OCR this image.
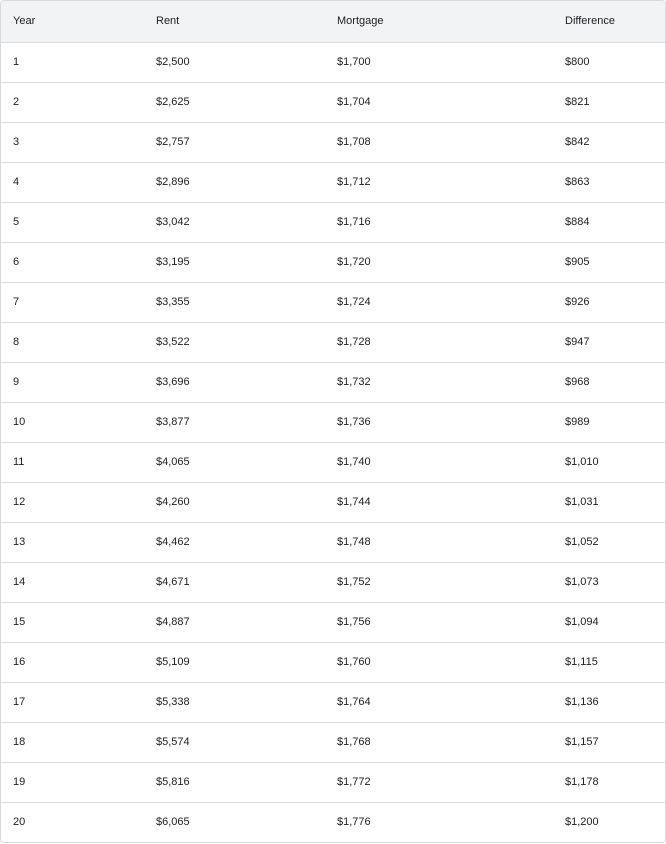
Year	Rent	Mortgage	Difference
1	$2,500	$1,700	$800
2	$2,625	$1,704	$821
3	$2,757	$1,708	$842
4	$2,896	$1,712	$863
5	$3,042	$1,716	$884
6	$3,195	$1,720	$905
7	$3,355	$1,724	$926
8	$3,522	$1,728	$947
9	$3,696	$1,732	$968
10	$3,877	$1,736	$989
11	$4,065	$1,740	$1,010
12	$4,260	$1,744	$1,031
13	$4,462	$1,748	$1,052
14	$4,671	$1,752	$1,073
15	$4,887	$1,756	$1,094
16	$5,109	$1,760	$1,115
17	$5,338	$1,764	$1,136
18	$5,574	$1,768	$1,157
19	$5,816	$1,772	$1,178
20	$6,065	$1,776	$1,200
